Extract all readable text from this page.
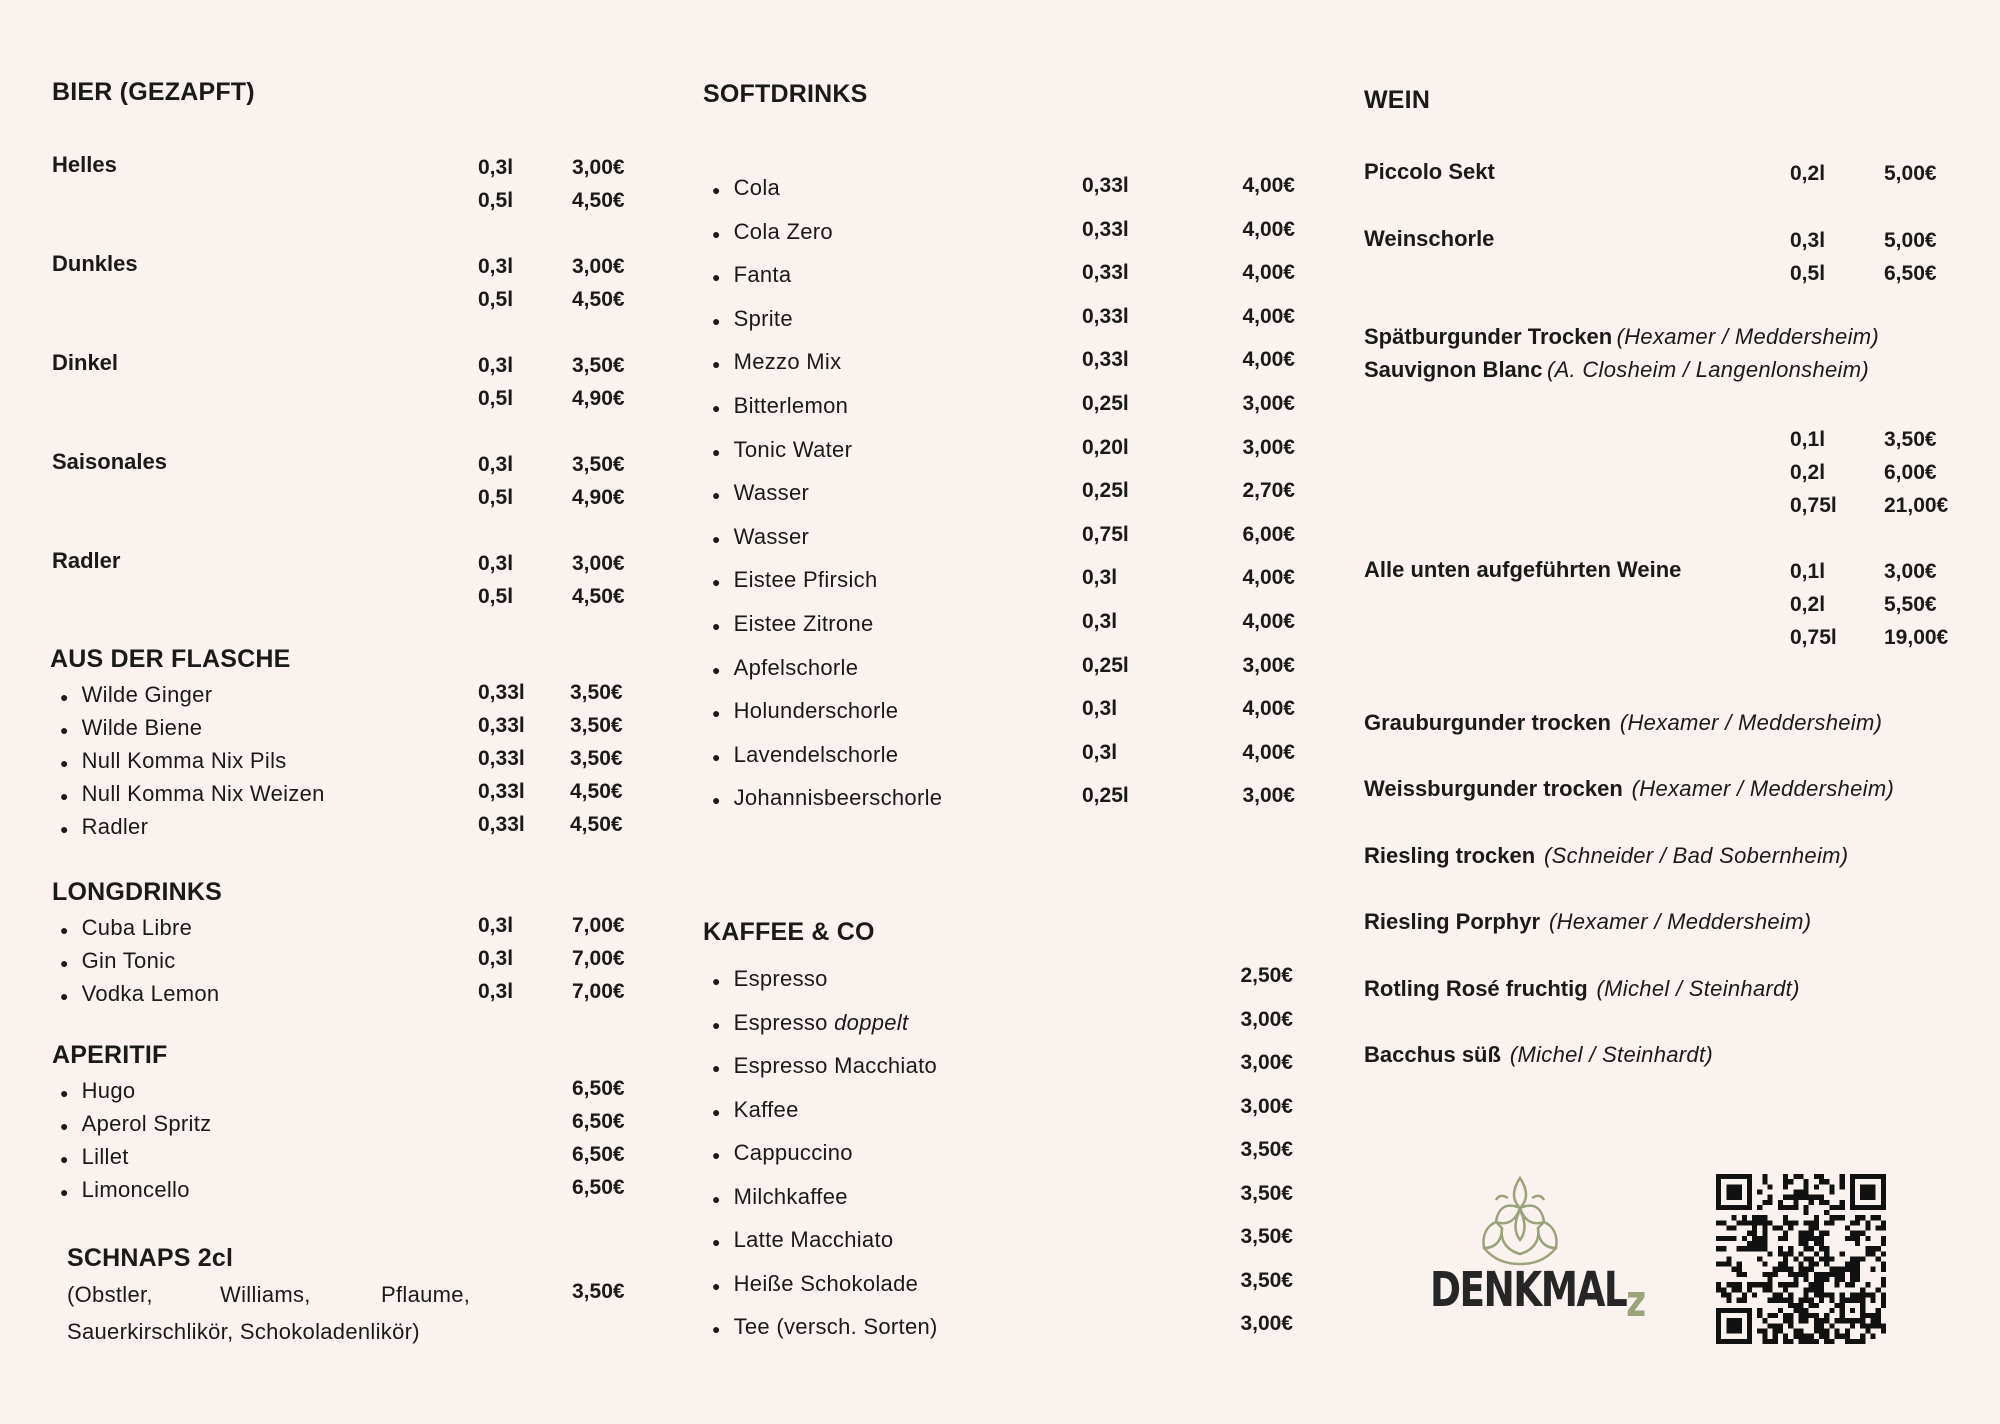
BIER (GEZAPFT)
Helles	0,3l	3,00€
0,5l	4,50€
Dunkles	0,3l	3,00€
0,5l	4,50€
Dinkel	0,3l	3,50€
0,5l	4,90€
Saisonales	0,3l	3,50€
0,5l	4,90€
Radler	0,3l	3,00€
0,5l	4,50€
AUS DER FLASCHE
● Wilde Ginger	0,33l 3,50€
● Wilde Biene	0,33l 3,50€
● Null Komma Nix Pils	0,33l 3,50€
● Null Komma Nix Weizen	0,33l 4,50€
● Radler	0,33l 4,50€
LONGDRINKS
● Cuba Libre	0,3l	7,00€
● Gin Tonic	0,3l	7,00€
● Vodka Lemon	0,3l	7,00€
APERITIF
● Hugo	6,50€
● Aperol Spritz	6,50€
● Lillet	6,50€
● Limoncello	6,50€
SCHNAPS 2cl
(Obstler,	Williams,	Pflaume,
Sauerkirschlikör, Schokoladenlikör)
3,50€
SOFTDRINKS
● Cola	0,33l	4,00€
● Cola Zero	0,33l	4,00€
● Fanta	0,33l	4,00€
● Sprite	0,33l	4,00€
● Mezzo Mix	0,33l	4,00€
● Bitterlemon	0,25l	3,00€
● Tonic Water	0,20l	3,00€
● Wasser	0,25l	2,70€
● Wasser	0,75l	6,00€
● Eistee Pfirsich	0,3l	4,00€
● Eistee Zitrone	0,3l	4,00€
● Apfelschorle	0,25l	3,00€
● Holunderschorle	0,3l	4,00€
● Lavendelschorle	0,3l	4,00€
● Johannisbeerschorle	0,25l	3,00€
KAFFEE & CO
● Espresso	2,50€
● Espresso doppelt	3,00€
● Espresso Macchiato	3,00€
● Kaffee	3,00€
● Cappuccino	3,50€
● Milchkaffee	3,50€
● Latte Macchiato	3,50€
● Heiße Schokolade	3,50€
● Tee (versch. Sorten)	3,00€
WEIN
Piccolo Sekt	0,2l	5,00€
Weinschorle	0,3l	5,00€
0,5l	6,50€
Spätburgunder Trocken (Hexamer / Meddersheim)
Sauvignon Blanc (A. Closheim / Langenlonsheim)
0,1l	3,50€
0,2l	6,00€
0,75l 21,00€
Alle unten aufgeführten Weine	0,1l	3,00€
0,2l	5,50€
0,75l 19,00€
Grauburgunder trocken (Hexamer / Meddersheim)
Weissburgunder trocken (Hexamer / Meddersheim)
Riesling trocken (Schneider / Bad Sobernheim)
Riesling Porphyr (Hexamer / Meddersheim)
Rotling Rosé fruchtig (Michel / Steinhardt)
Bacchus süß (Michel / Steinhardt)
DENKMALz
